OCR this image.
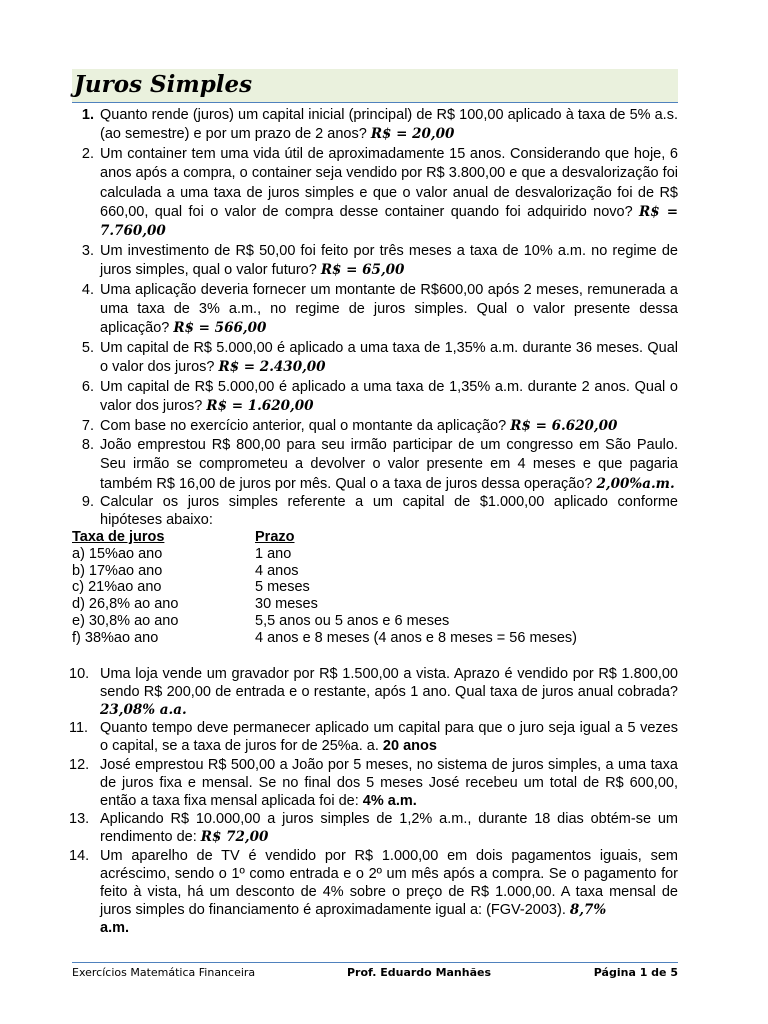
Juros Simples
1. Quanto rende (juros) um capital inicial (principal) de R$ 100,00 aplicado à taxa de 5% a.s. (ao semestre) e por um prazo de 2 anos? R$ = 20,00
2. Um container tem uma vida útil de aproximadamente 15 anos. Considerando que hoje, 6 anos após a compra, o container seja vendido por R$ 3.800,00 e que a desvalorização foi calculada a uma taxa de juros simples e que o valor anual de desvalorização foi de R$ 660,00, qual foi o valor de compra desse container quando foi adquirido novo? R$ = 7.760,00
3. Um investimento de R$ 50,00 foi feito por três meses a taxa de 10% a.m. no regime de juros simples, qual o valor futuro? R$ = 65,00
4. Uma aplicação deveria fornecer um montante de R$600,00 após 2 meses, remunerada a uma taxa de 3% a.m., no regime de juros simples. Qual o valor presente dessa aplicação? R$ = 566,00
5. Um capital de R$ 5.000,00 é aplicado a uma taxa de 1,35% a.m. durante 36 meses. Qual o valor dos juros? R$ = 2.430,00
6. Um capital de R$ 5.000,00 é aplicado a uma taxa de 1,35% a.m. durante 2 anos. Qual o valor dos juros? R$ = 1.620,00
7. Com base no exercício anterior, qual o montante da aplicação? R$ = 6.620,00
8. João emprestou R$ 800,00 para seu irmão participar de um congresso em São Paulo. Seu irmão se comprometeu a devolver o valor presente em 4 meses e que pagaria também R$ 16,00 de juros por mês. Qual o a taxa de juros dessa operação? 2,00%a.m.
9. Calcular os juros simples referente a um capital de $1.000,00 aplicado conforme hipóteses abaixo:
Taxa de juros	Prazo
a) 15%ao ano	1 ano
b) 17%ao ano	4 anos
c) 21%ao ano	5 meses
d) 26,8% ao ano	30 meses
e) 30,8% ao ano	5,5 anos ou 5 anos e 6 meses
f) 38%ao ano	4 anos e 8 meses (4 anos e 8 meses = 56 meses)
10. Uma loja vende um gravador por R$ 1.500,00 a vista. Aprazo é vendido por R$ 1.800,00 sendo R$ 200,00 de entrada e o restante, após 1 ano. Qual taxa de juros anual cobrada? 23,08% a.a.
11. Quanto tempo deve permanecer aplicado um capital para que o juro seja igual a 5 vezes o capital, se a taxa de juros for de 25%a. a. 20 anos
12. José emprestou R$ 500,00 a João por 5 meses, no sistema de juros simples, a uma taxa de juros fixa e mensal. Se no final dos 5 meses José recebeu um total de R$ 600,00, então a taxa fixa mensal aplicada foi de: 4% a.m.
13. Aplicando R$ 10.000,00 a juros simples de 1,2% a.m., durante 18 dias obtém-se um rendimento de: R$ 72,00
14. Um aparelho de TV é vendido por R$ 1.000,00 em dois pagamentos iguais, sem acréscimo, sendo o 1º como entrada e o 2º um mês após a compra. Se o pagamento for feito à vista, há um desconto de 4% sobre o preço de R$ 1.000,00. A taxa mensal de juros simples do financiamento é aproximadamente igual a: (FGV-2003). 8,7%
a.m.
Exercícios Matemática Financeira	Prof. Eduardo Manhães	Página 1 de 5
